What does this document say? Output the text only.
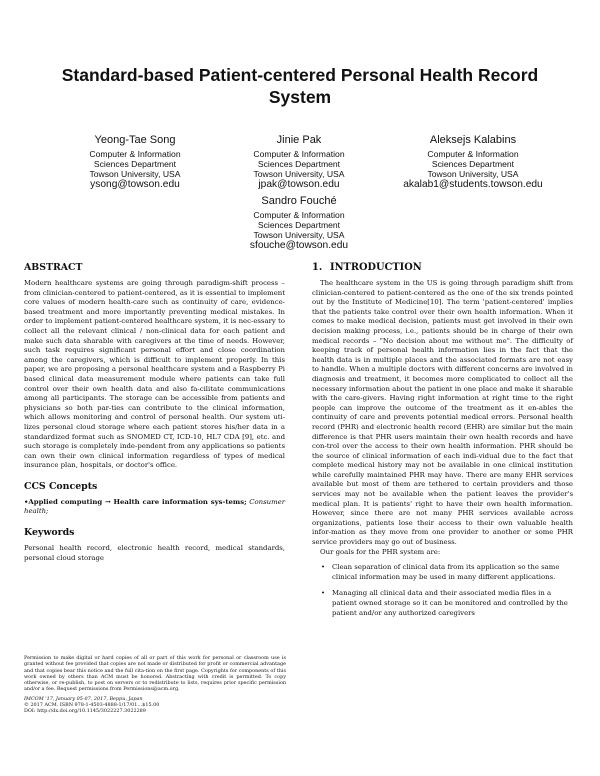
Standard-based Patient-centered Personal Health Record System
Yeong-Tae Song
Computer & Information
Sciences Department
Towson University, USA
ysong@towson.edu
Jinie Pak
Computer & Information
Sciences Department
Towson University, USA
jpak@towson.edu
Aleksejs Kalabins
Computer & Information
Sciences Department
Towson University, USA
akalab1@students.towson.edu
Sandro Fouché
Computer & Information
Sciences Department
Towson University, USA
sfouche@towson.edu
ABSTRACT

Modern healthcare systems are going through paradigm-shift process – from clinician-centered to patient-centered, as it is essential to implement core values of modern health-care such as continuity of care, evidence-based treatment and more importantly preventing medical mistakes. In order to implement patient-centered healthcare system, it is nec-essary to collect all the relevant clinical / non-clinical data for each patient and make such data sharable with caregivers at the time of needs. However, such task requires significant personal effort and close coordination among the caregivers, which is difficult to implement properly. In this paper, we are proposing a personal healthcare system and a Raspberry Pi based clinical data measurement module where patients can take full control over their own health data and also fa-cilitate communications among all participants. The storage can be accessible from patients and physicians so both par-ties can contribute to the clinical information, which allows monitoring and control of personal health. Our system uti-lizes personal cloud storage where each patient stores his/her data in a standardized format such as SNOMED CT, ICD-10, HL7 CDA [9], etc. and such storage is completely inde-pendent from any applications so patients can own their own clinical information regardless of types of medical insurance plan, hospitals, or doctor's office.

CCS Concepts

•Applied computing → Health care information sys-tems; Consumer health;

Keywords

Personal health record, electronic health record, medical standards, personal cloud storage

Permission to make digital or hard copies of all or part of this work for personal or classroom use is granted without fee provided that copies are not made or distributed for profit or commercial advantage and that copies bear this notice and the full cita-tion on the first page. Copyrights for components of this work owned by others than ACM must be honored. Abstracting with credit is permitted. To copy otherwise, or re-publish, to post on servers or to redistribute to lists, requires prior specific permission and/or a fee. Request permissions from Permissions@acm.org.

IMCOM '17, January 05-07, 2017, Beppu, Japan

© 2017 ACM. ISBN 978-1-4503-4888-1/17/01…$15.00

DOI: http://dx.doi.org/10.1145/3022227.3022289

1. INTRODUCTION

The healthcare system in the US is going through paradigm shift from clinician-centered to patient-centered as the one of the six trends pointed out by the Institute of Medicine[10]. The term 'patient-centered' implies that the patients take control over their own health information. When it comes to make medical decision, patients must get involved in their own decision making process, i.e., patients should be in charge of their own medical records – "No decision about me without me". The difficulty of keeping track of personal health information lies in the fact that the health data is in multiple places and the associated formats are not easy to handle. When a multiple doctors with different concerns are involved in diagnosis and treatment, it becomes more complicated to collect all the necessary information about the patient in one place and make it sharable with the care-givers. Having right information at right time to the right people can improve the outcome of the treatment as it en-ables the continuity of care and prevents potential medical errors. Personal health record (PHR) and electronic health record (EHR) are similar but the main difference is that PHR users maintain their own health records and have con-trol over the access to their own health information. PHR should be the source of clinical information of each indi-vidual due to the fact that complete medical history may not be available in one clinical institution while carefully maintained PHR may have. There are many EHR services available but most of them are tethered to certain providers and those services may not be available when the patient leaves the provider's medical plan. It is patients' right to have their own health information. However, since there are not many PHR services available across organizations, patients lose their access to their own valuable health infor-mation as they move from one provider to another or some PHR service providers may go out of business.

Our goals for the PHR system are:

• Clean separation of clinical data from its application so the same clinical information may be used in many different applications.
• Managing all clinical data and their associated media files in a patient owned storage so it can be monitored and controlled by the patient and/or any authorized caregivers
